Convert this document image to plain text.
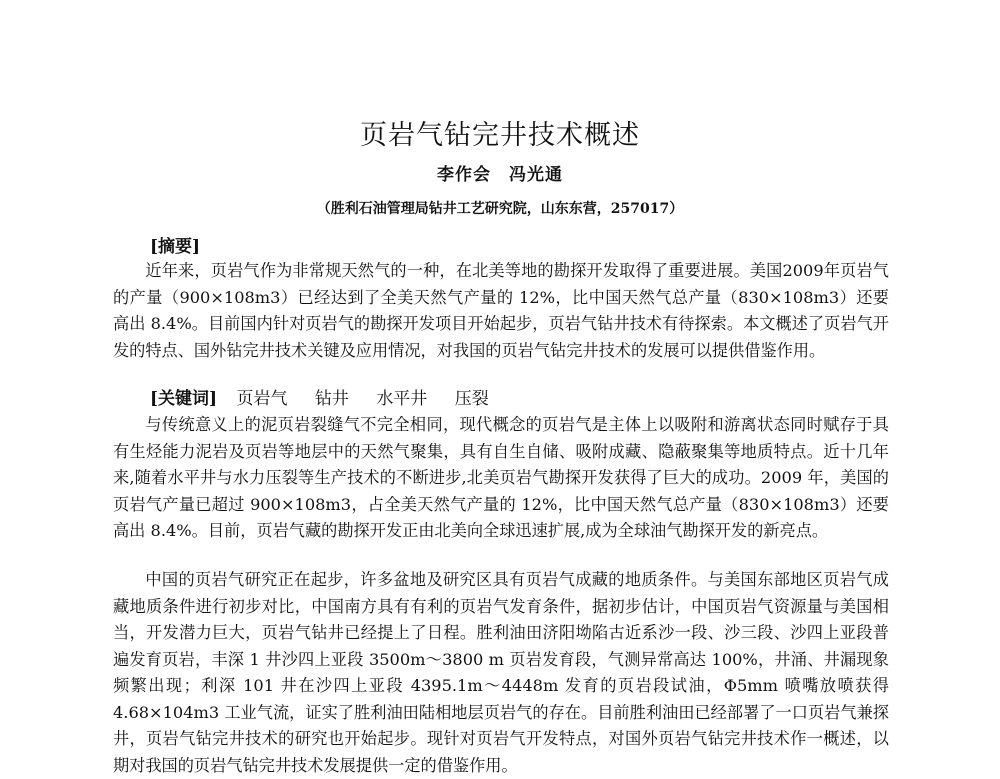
页岩气钻完井技术概述
李作会　冯光通
（胜利石油管理局钻井工艺研究院，山东东营，257017）
[摘要]

近年来，页岩气作为非常规天然气的一种，在北美等地的勘探开发取得了重要进展。美国2009年页岩气的产量（900×108m3）已经达到了全美天然气产量的 12%，比中国天然气总产量（830×108m3）还要高出 8.4%。目前国内针对页岩气的勘探开发项目开始起步，页岩气钻井技术有待探索。本文概述了页岩气开发的特点、国外钻完井技术关键及应用情况，对我国的页岩气钻完井技术的发展可以提供借鉴作用。

[关键词] 页岩气 钻井 水平井 压裂

与传统意义上的泥页岩裂缝气不完全相同，现代概念的页岩气是主体上以吸附和游离状态同时赋存于具有生烃能力泥岩及页岩等地层中的天然气聚集，具有自生自储、吸附成藏、隐蔽聚集等地质特点。近十几年来,随着水平井与水力压裂等生产技术的不断进步,北美页岩气勘探开发获得了巨大的成功。2009 年，美国的页岩气产量已超过 900×108m3，占全美天然气产量的 12%，比中国天然气总产量（830×108m3）还要高出 8.4%。目前，页岩气藏的勘探开发正由北美向全球迅速扩展,成为全球油气勘探开发的新亮点。

中国的页岩气研究正在起步，许多盆地及研究区具有页岩气成藏的地质条件。与美国东部地区页岩气成藏地质条件进行初步对比，中国南方具有有利的页岩气发育条件，据初步估计，中国页岩气资源量与美国相当，开发潜力巨大，页岩气钻井已经提上了日程。胜利油田济阳坳陷古近系沙一段、沙三段、沙四上亚段普遍发育页岩，丰深 1 井沙四上亚段 3500m～3800 m 页岩发育段，气测异常高达 100%，井涌、井漏现象频繁出现；利深 101 井在沙四上亚段 4395.1m～4448m 发育的页岩段试油，Φ5mm 喷嘴放喷获得 4.68×104m3 工业气流，证实了胜利油田陆相地层页岩气的存在。目前胜利油田已经部署了一口页岩气兼探井，页岩气钻完井技术的研究也开始起步。现针对页岩气开发特点，对国外页岩气钻完井技术作一概述，以期对我国的页岩气钻完井技术发展提供一定的借鉴作用。
